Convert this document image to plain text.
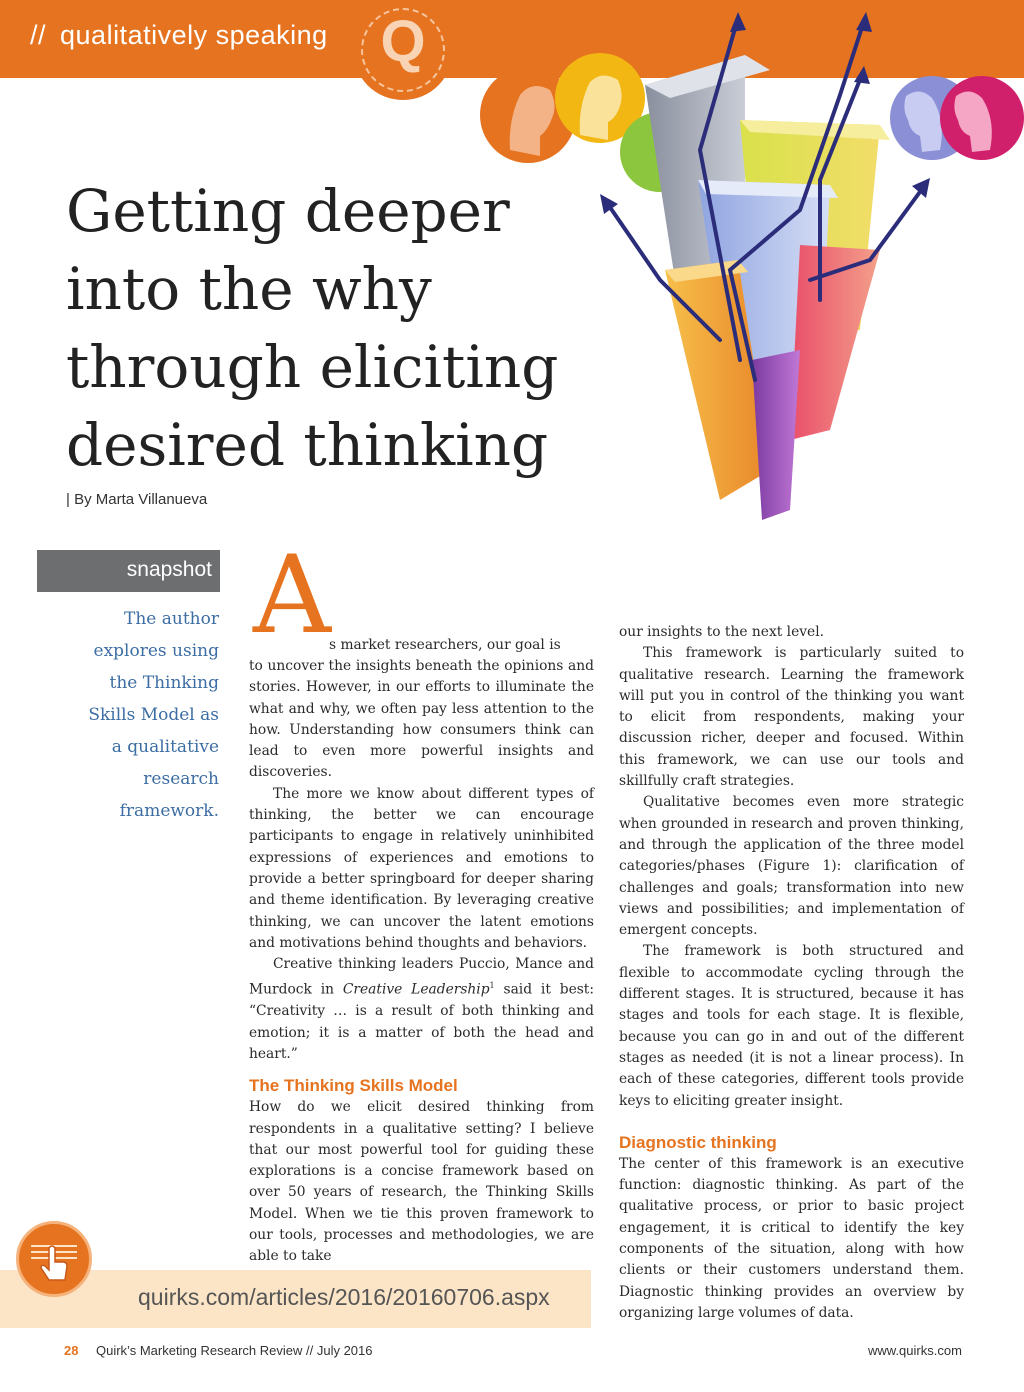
// qualitatively speaking Q
Getting deeper
into the why
through eliciting
desired thinking
| By Marta Villanueva
snapshot

The author
explores using
the Thinking
Skills Model as
a qualitative
research
framework.

A
s market researchers, our goal is

to uncover the insights beneath the opinions and stories. However, in our efforts to illuminate the what and why, we often pay less attention to the how. Understanding how consumers think can lead to even more powerful insights and discoveries.

The more we know about different types of thinking, the better we can encourage participants to engage in relatively uninhibited expressions of experiences and emotions to provide a better springboard for deeper sharing and theme identification. By leveraging creative thinking, we can uncover the latent emotions and motivations behind thoughts and behaviors.

Creative thinking leaders Puccio, Mance and Murdock in Creative Leadership$^1$ said it best: “Creativity … is a result of both thinking and emotion; it is a matter of both the head and heart.”

The Thinking Skills Model

How do we elicit desired thinking from respondents in a qualitative setting? I believe that our most powerful tool for guiding these explorations is a concise framework based on over 50 years of research, the Thinking Skills Model. When we tie this proven framework to our tools, processes and methodologies, we are able to take

our insights to the next level.

This framework is particularly suited to qualitative research. Learning the framework will put you in control of the thinking you want to elicit from respondents, making your discussion richer, deeper and focused. Within this framework, we can use our tools and skillfully craft strategies.

Qualitative becomes even more strategic when grounded in research and proven thinking, and through the application of the three model categories/phases (Figure 1): clarification of challenges and goals; transformation into new views and possibilities; and implementation of emergent concepts.

The framework is both structured and flexible to accommodate cycling through the different stages. It is structured, because it has stages and tools for each stage. It is flexible, because you can go in and out of the different stages as needed (it is not a linear process). In each of these categories, different tools provide keys to eliciting greater insight.

Diagnostic thinking

The center of this framework is an executive function: diagnostic thinking. As part of the qualitative process, or prior to basic project engagement, it is critical to identify the key components of the situation, along with how clients or their customers understand them. Diagnostic thinking provides an overview by organizing large volumes of data.

quirks.com/articles/2016/20160706.aspx
28 Quirk’s Marketing Research Review // July 2016	www.quirks.com
